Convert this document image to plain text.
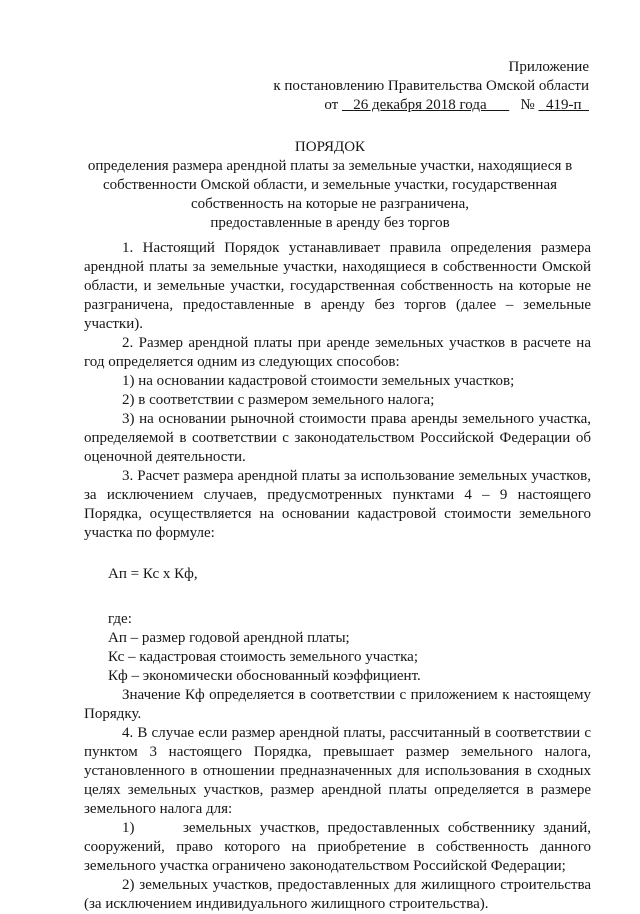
Приложение
к постановлению Правительства Омской области
от 26 декабря 2018 года № 419-п
ПОРЯДОК
определения размера арендной платы за земельные участки, находящиеся в
собственности Омской области, и земельные участки, государственная
собственность на которые не разграничена,
предоставленные в аренду без торгов

1. Настоящий Порядок устанавливает правила определения размера арендной платы за земельные участки, находящиеся в собственности Омской области, и земельные участки, государственная собственность на которые не разграничена, предоставленные в аренду без торгов (далее – земельные участки).

2. Размер арендной платы при аренде земельных участков в расчете на год определяется одним из следующих способов:

1) на основании кадастровой стоимости земельных участков;

2) в соответствии с размером земельного налога;

3) на основании рыночной стоимости права аренды земельного участка, определяемой в соответствии с законодательством Российской Федерации об оценочной деятельности.

3. Расчет размера арендной платы за использование земельных участков, за исключением случаев, предусмотренных пунктами 4 – 9 настоящего Порядка, осуществляется на основании кадастровой стоимости земельного участка по формуле:

Ап = Кс х Кф,
где:
Ап – размер годовой арендной платы;
Кс – кадастровая стоимость земельного участка;
Кф – экономически обоснованный коэффициент.

Значение Кф определяется в соответствии с приложением к настоящему Порядку.

4. В случае если размер арендной платы, рассчитанный в соответствии с пунктом 3 настоящего Порядка, превышает размер земельного налога, установленного в отношении предназначенных для использования в сходных целях земельных участков, размер арендной платы определяется в размере земельного налога для:

1)      земельных участков, предоставленных собственнику зданий, сооружений, право которого на приобретение в собственность данного земельного участка ограничено законодательством Российской Федерации;

2) земельных участков, предоставленных для жилищного строительства (за исключением индивидуального жилищного строительства).
